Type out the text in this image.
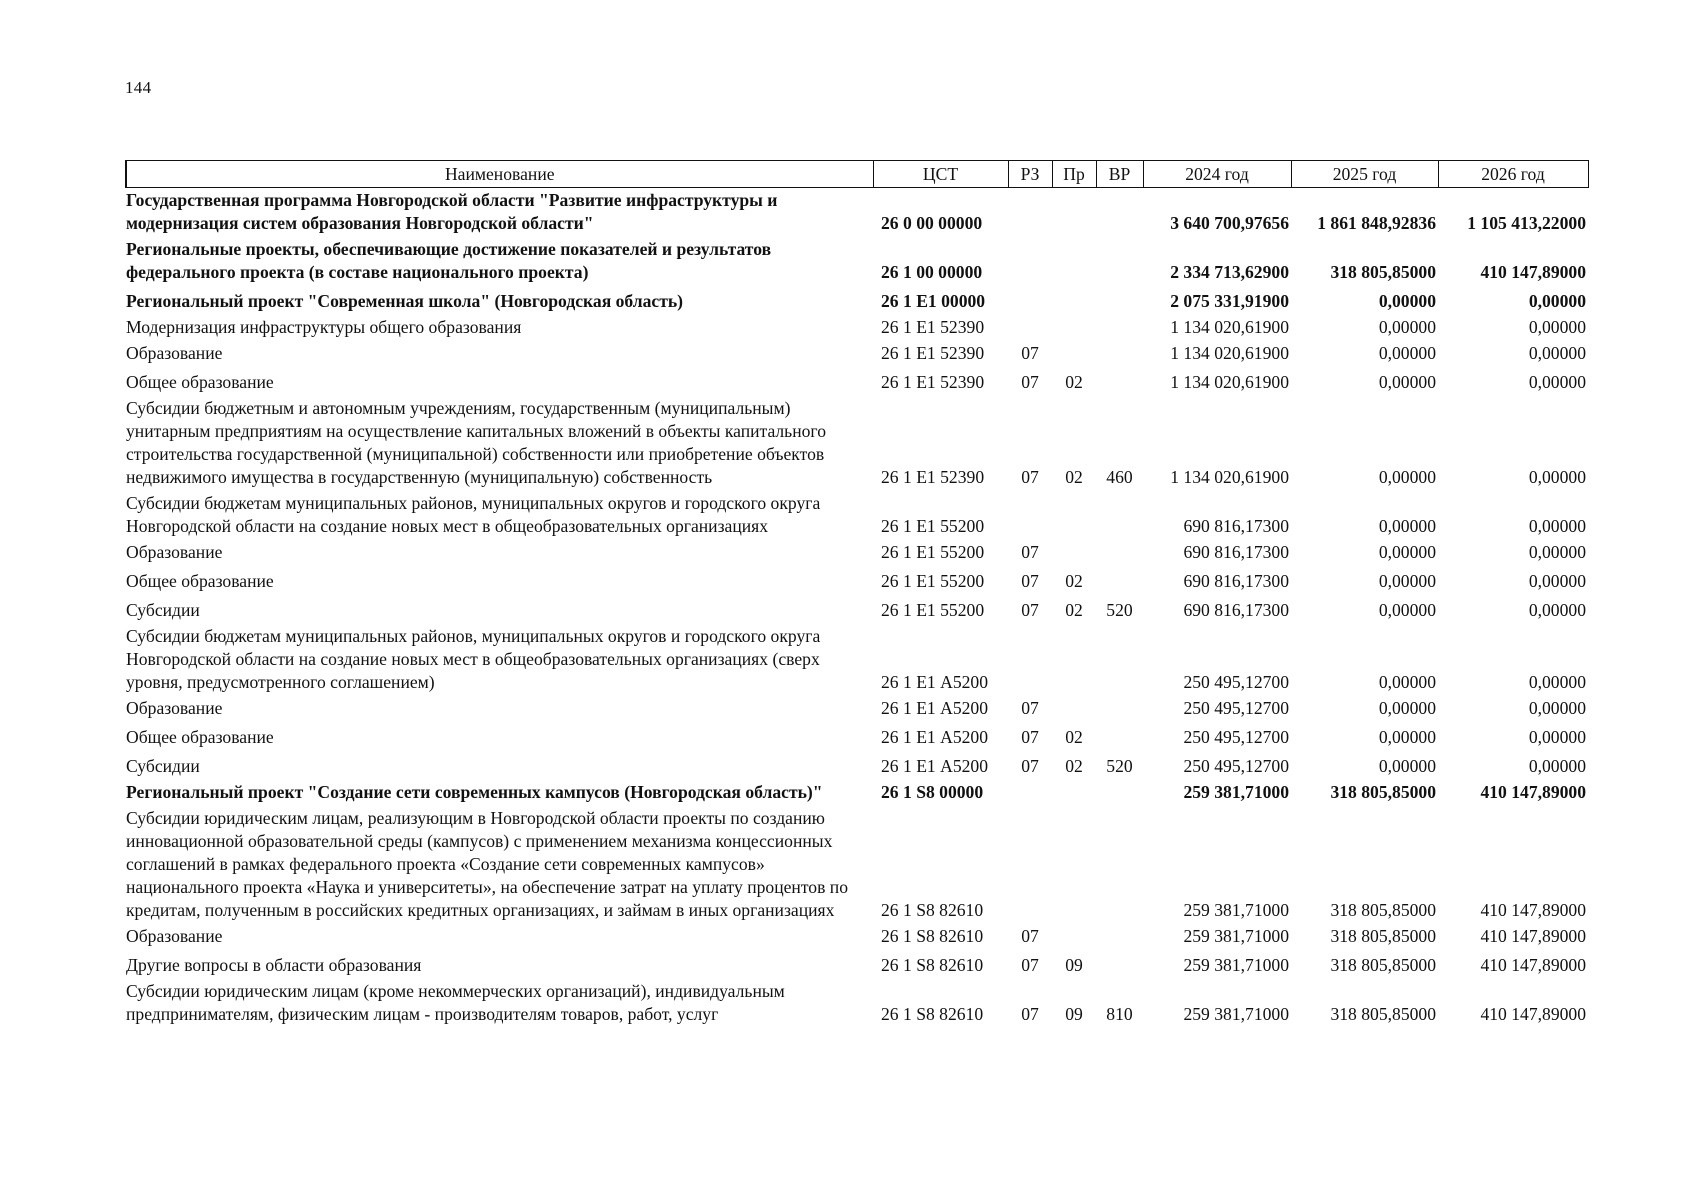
144
Наименование	ЦСТ	РЗ	Пр	ВР	2024 год	2025 год	2026 год
Государственная программа Новгородской области "Развитие инфраструктуры и модернизация систем образования Новгородской области"	26 0 00 00000				3 640 700,97656	1 861 848,92836	1 105 413,22000
Региональные проекты, обеспечивающие достижение показателей и результатов федерального проекта (в составе национального проекта)	26 1 00 00000				2 334 713,62900	318 805,85000	410 147,89000
Региональный проект "Современная школа" (Новгородская область)	26 1 Е1 00000				2 075 331,91900	0,00000	0,00000
Модернизация инфраструктуры общего образования	26 1 Е1 52390				1 134 020,61900	0,00000	0,00000
Образование	26 1 Е1 52390	07			1 134 020,61900	0,00000	0,00000
Общее образование	26 1 Е1 52390	07	02		1 134 020,61900	0,00000	0,00000
Субсидии бюджетным и автономным учреждениям, государственным (муниципальным) унитарным предприятиям на осуществление капитальных вложений в объекты капитального строительства государственной (муниципальной) собственности или приобретение объектов недвижимого имущества в государственную (муниципальную) собственность	26 1 Е1 52390	07	02	460	1 134 020,61900	0,00000	0,00000
Субсидии бюджетам муниципальных районов, муниципальных округов и городского округа Новгородской области на создание новых мест в общеобразовательных организациях	26 1 Е1 55200				690 816,17300	0,00000	0,00000
Образование	26 1 Е1 55200	07			690 816,17300	0,00000	0,00000
Общее образование	26 1 Е1 55200	07	02		690 816,17300	0,00000	0,00000
Субсидии	26 1 Е1 55200	07	02	520	690 816,17300	0,00000	0,00000
Субсидии бюджетам муниципальных районов, муниципальных округов и городского округа Новгородской области на создание новых мест в общеобразовательных организациях (сверх уровня, предусмотренного соглашением)	26 1 Е1 А5200				250 495,12700	0,00000	0,00000
Образование	26 1 Е1 А5200	07			250 495,12700	0,00000	0,00000
Общее образование	26 1 Е1 А5200	07	02		250 495,12700	0,00000	0,00000
Субсидии	26 1 Е1 А5200	07	02	520	250 495,12700	0,00000	0,00000
Региональный проект "Создание сети современных кампусов (Новгородская область)"	26 1 S8 00000				259 381,71000	318 805,85000	410 147,89000
Субсидии юридическим лицам, реализующим в Новгородской области проекты по созданию инновационной образовательной среды (кампусов) с применением механизма концессионных соглашений в рамках федерального проекта «Создание сети современных кампусов» национального проекта «Наука и университеты», на обеспечение затрат на уплату процентов по кредитам, полученным в российских кредитных организациях, и займам в иных организациях	26 1 S8 82610				259 381,71000	318 805,85000	410 147,89000
Образование	26 1 S8 82610	07			259 381,71000	318 805,85000	410 147,89000
Другие вопросы в области образования	26 1 S8 82610	07	09		259 381,71000	318 805,85000	410 147,89000
Субсидии юридическим лицам (кроме некоммерческих организаций), индивидуальным предпринимателям, физическим лицам - производителям товаров, работ, услуг	26 1 S8 82610	07	09	810	259 381,71000	318 805,85000	410 147,89000
